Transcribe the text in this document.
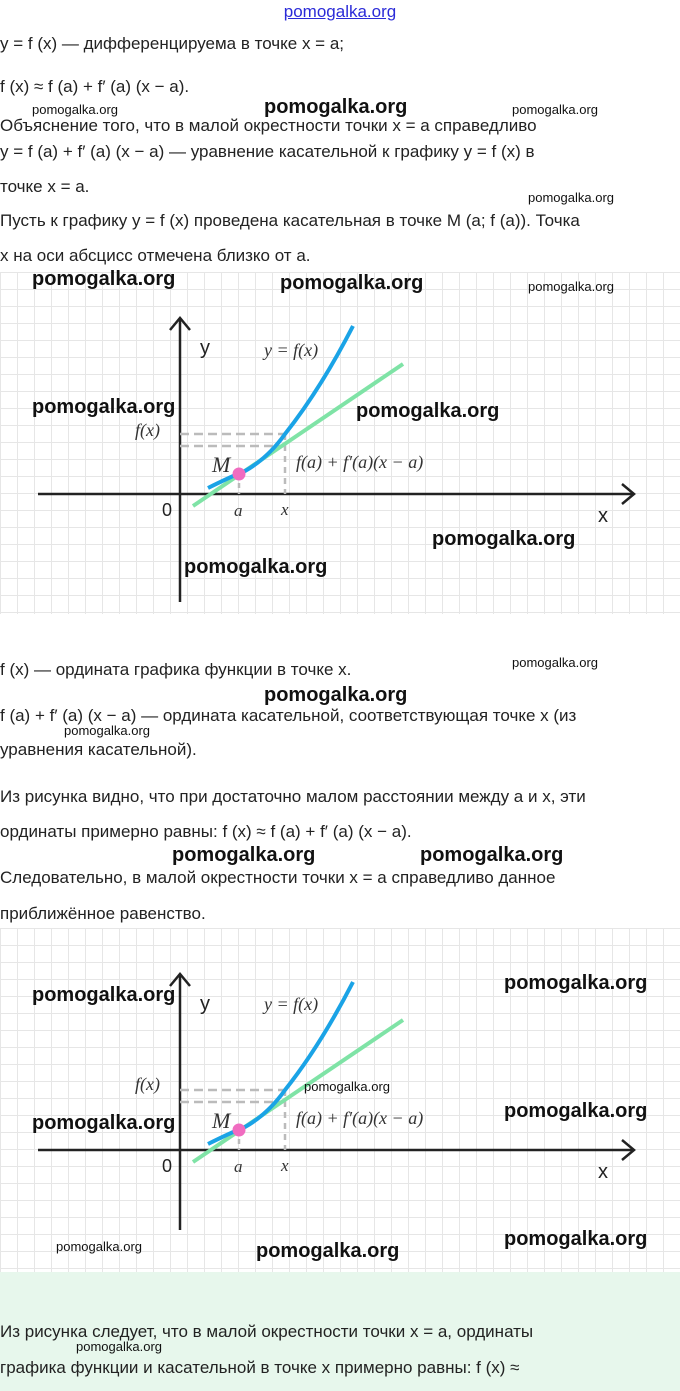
pomogalka.org
y = f (x) — дифференцируема в точке x = a;
f (x) ≈ f (a) + f′ (a) (x − a).
Объяснение того, что в малой окрестности точки x = a справедливо
y = f (a) + f′ (a) (x − a) — уравнение касательной к графику y = f (x) в
точке x = a.
Пусть к графику y = f (x) проведена касательная в точке M (a; f (a)). Точка
x на оси абсцисс отмечена близко от a.
y
x
0
y = f(x)
f(x)
M	f(a) + f′(a)(x − a)
a x
f (x) — ордината графика функции в точке x.
f (a) + f′ (a) (x − a) — ордината касательной, соответствующая точке x (из
уравнения касательной).
Из рисунка видно, что при достаточно малом расстоянии между a и x, эти
ординаты примерно равны: f (x) ≈ f (a) + f′ (a) (x − a).
Следовательно, в малой окрестности точки x = a справедливо данное
приближённое равенство.
y
x
0
y = f(x)
f(x)
M	f(a) + f′(a)(x − a)
a x
Из рисунка следует, что в малой окрестности точки x = a, ординаты
графика функции и касательной в точке x примерно равны: f (x) ≈
pomogalka.org	pomogalka.org	pomogalka.org
pomogalka.org
pomogalka.org	pomogalka.org	pomogalka.org
pomogalka.org	pomogalka.org
pomogalka.org
pomogalka.org
pomogalka.org
pomogalka.org
pomogalka.org
pomogalka.org	pomogalka.org
pomogalka.org
pomogalka.org
pomogalka.org
pomogalka.org
pomogalka.org
pomogalka.org
pomogalka.org	pomogalka.org
pomogalka.org
